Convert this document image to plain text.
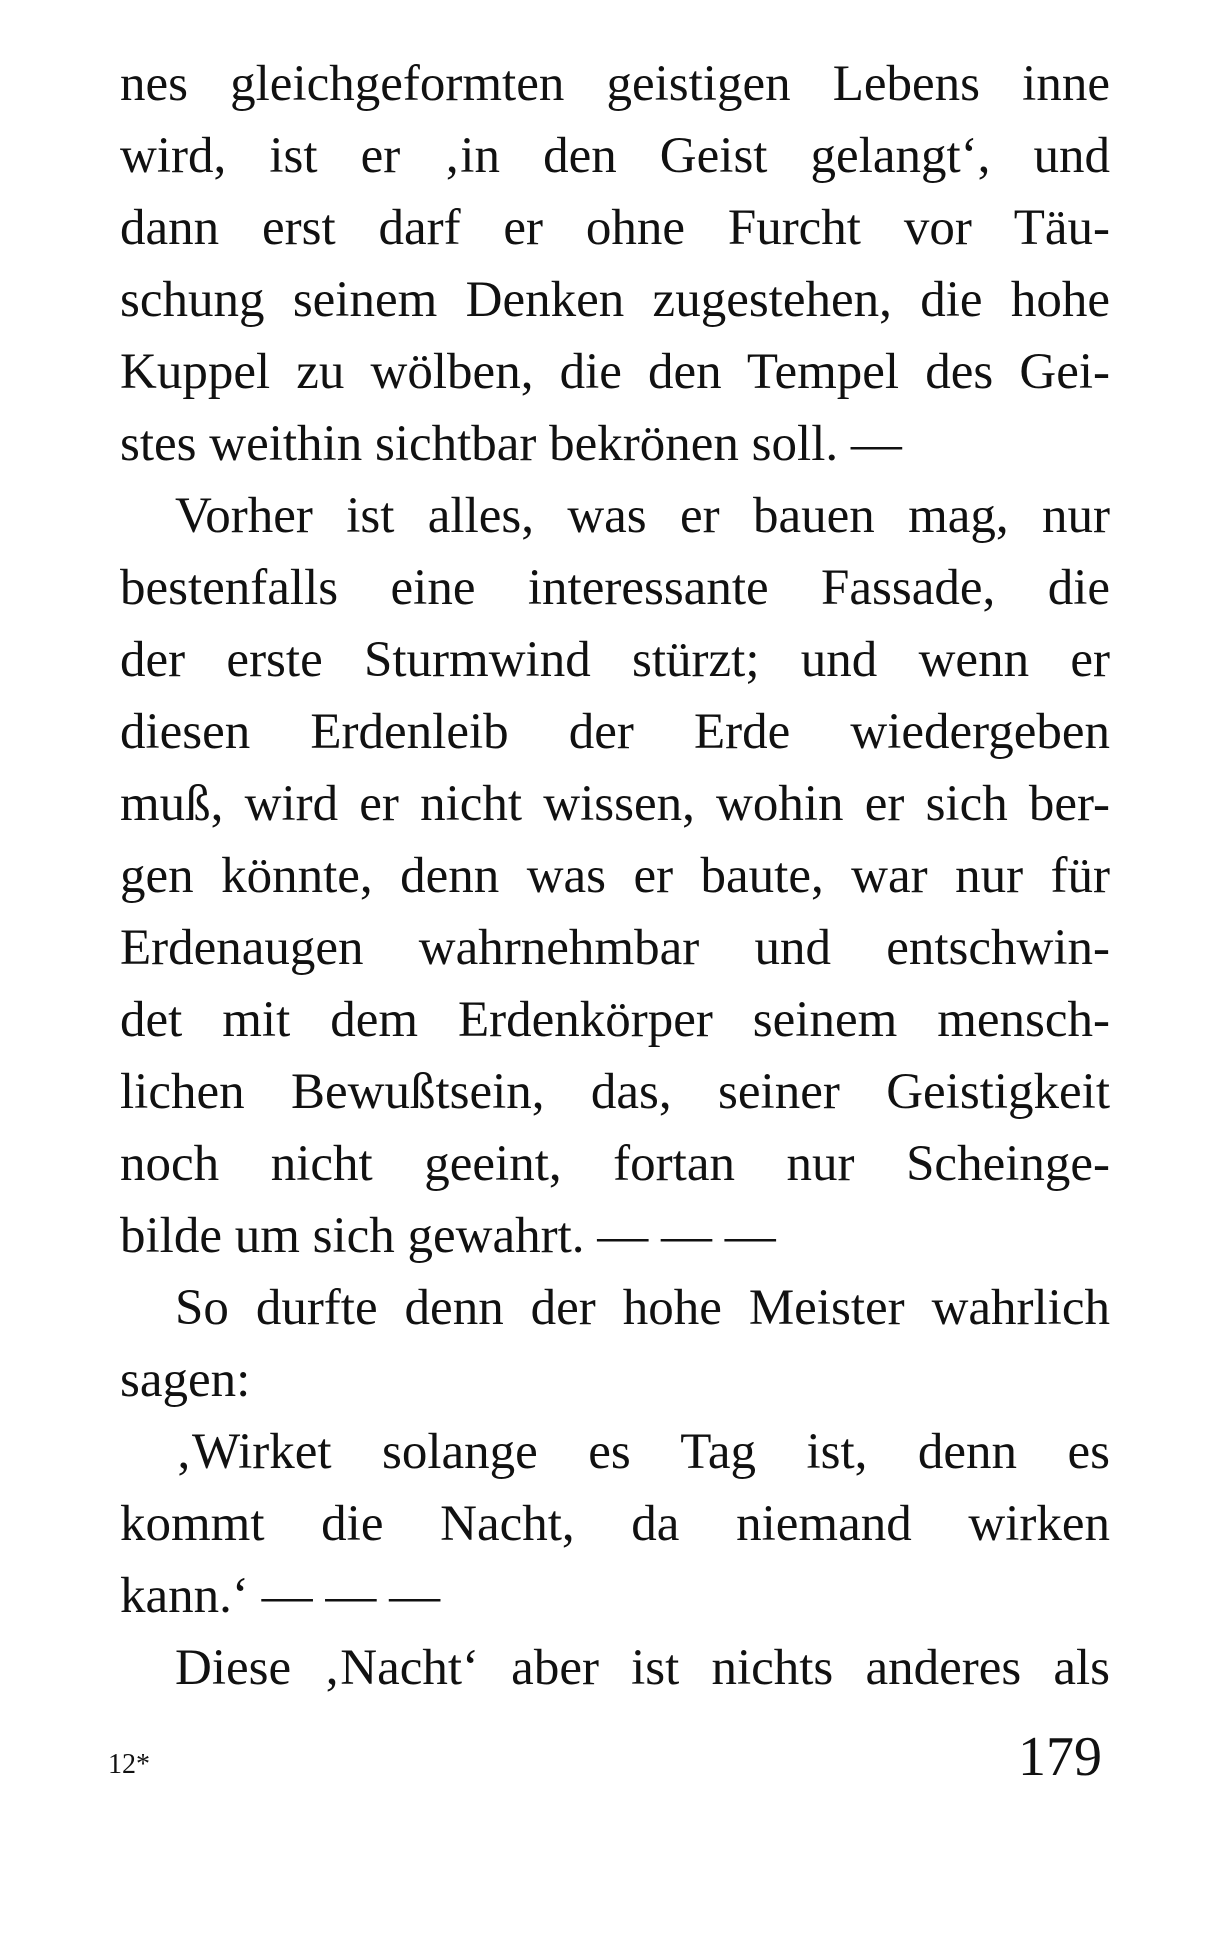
nes gleichgeformten geistigen Lebens inne
wird, ist er ‚in den Geist gelangt‘, und
dann erst darf er ohne Furcht vor Täu-
schung seinem Denken zugestehen, die hohe
Kuppel zu wölben, die den Tempel des Gei-
stes weithin sichtbar bekrönen soll. —
Vorher ist alles, was er bauen mag, nur
bestenfalls eine interessante Fassade, die
der erste Sturmwind stürzt; und wenn er
diesen Erdenleib der Erde wiedergeben
muß, wird er nicht wissen, wohin er sich ber-
gen könnte, denn was er baute, war nur für
Erdenaugen wahrnehmbar und entschwin-
det mit dem Erdenkörper seinem mensch-
lichen Bewußtsein, das, seiner Geistigkeit
noch nicht geeint, fortan nur Scheinge-
bilde um sich gewahrt. — — —
So durfte denn der hohe Meister wahrlich
sagen:
‚Wirket solange es Tag ist, denn es
kommt die Nacht, da niemand wirken
kann.‘ — — —
Diese ‚Nacht‘ aber ist nichts anderes als
12*	179
